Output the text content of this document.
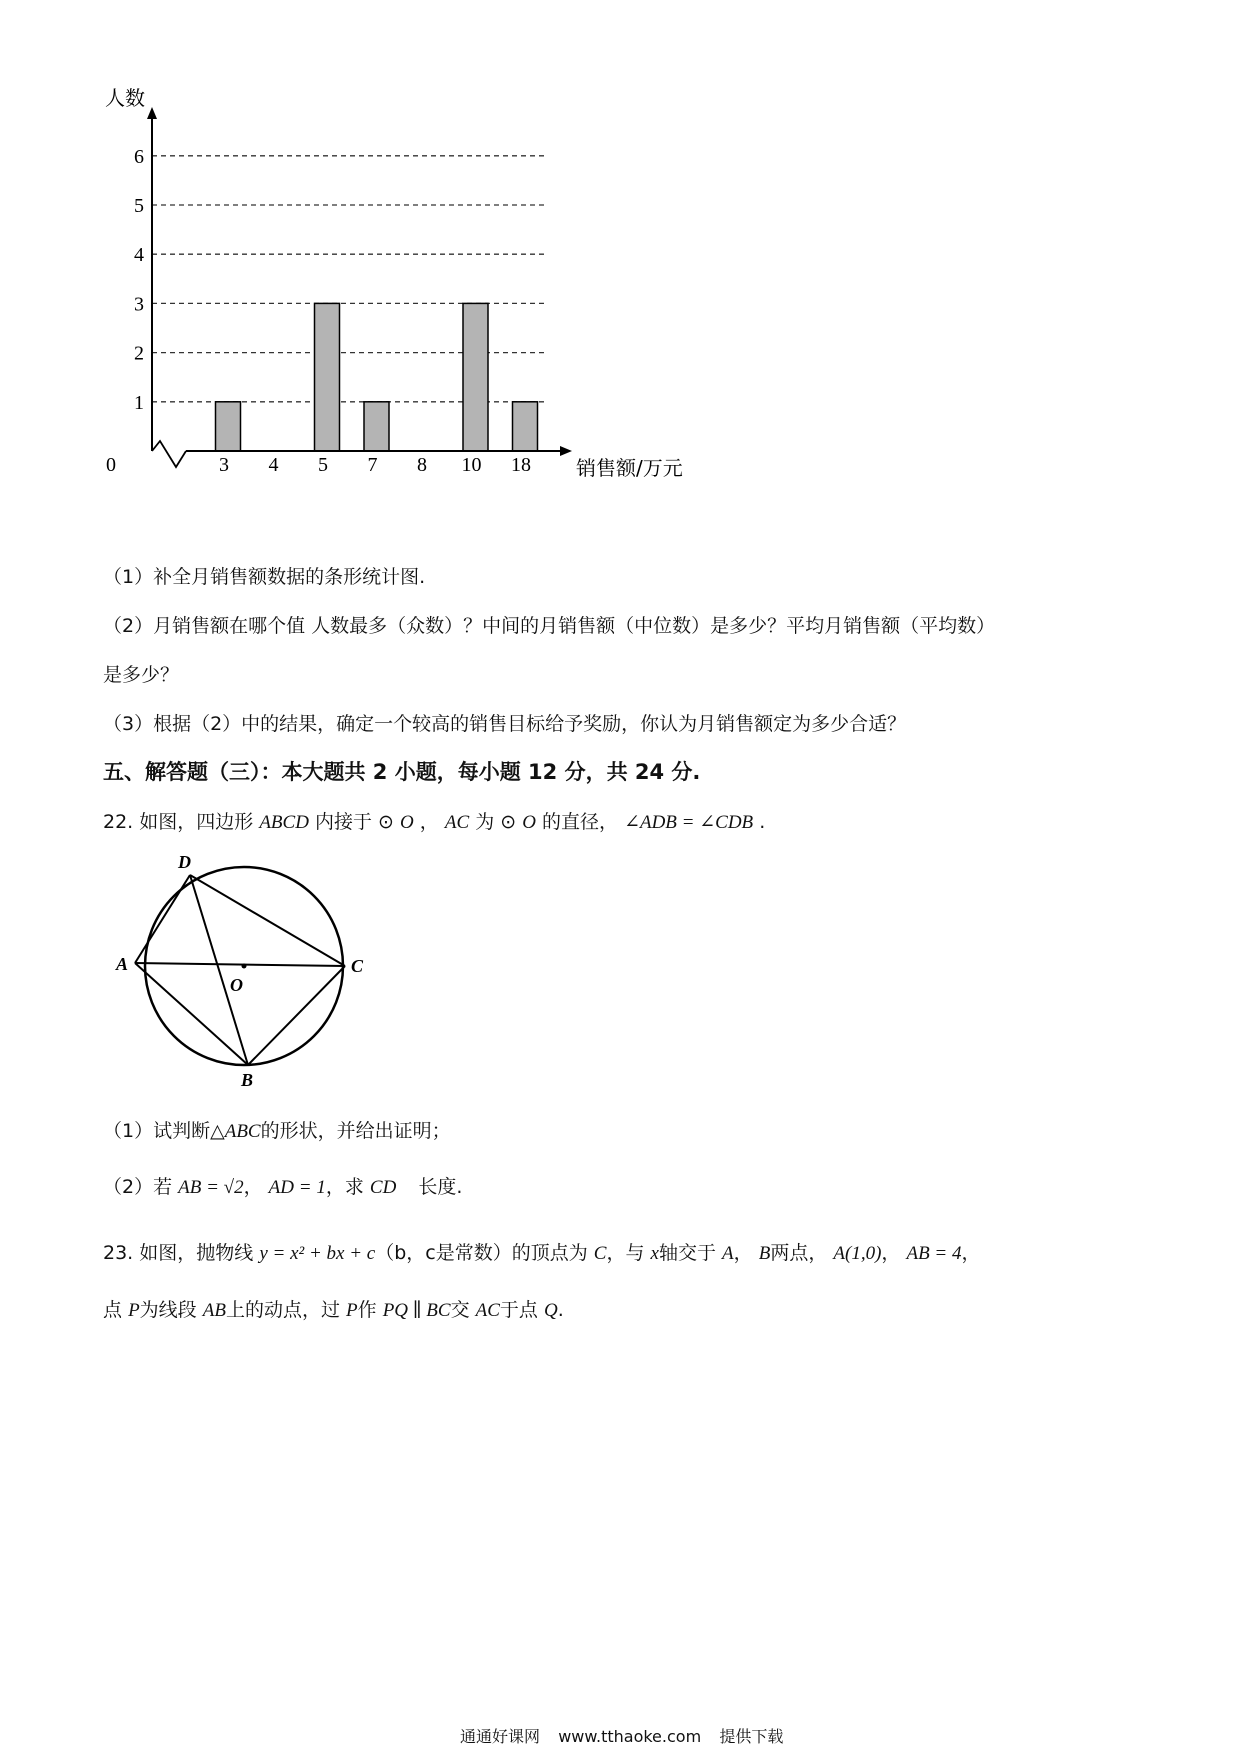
1
2
3
4
5
6
3 4 5 7 8 10 18
人数
销售额/万元
0
（1）补全月销售额数据的条形统计图.
（2）月销售额在哪个值 人数最多（众数）？中间的月销售额（中位数）是多少？平均月销售额（平均数）
是多少？
（3）根据（2）中的结果，确定一个较高的销售目标给予奖励，你认为月销售额定为多少合适？
五、解答题（三）：本大题共 2 小题，每小题 12 分，共 24 分.
22. 如图，四边形 ABCD 内接于 ⊙ O ， AC 为 ⊙ O 的直径， ∠ADB = ∠CDB .
D
A
O
C
B
（1）试判断△ABC的形状，并给出证明；
（2）若 AB = √2， AD = 1，求 CD 长度.
23. 如图，抛物线 y = x² + bx + c（b，c是常数）的顶点为 C，与 x轴交于 A， B两点， A(1,0)， AB = 4，
点 P为线段 AB上的动点，过 P作 PQ ∥ BC交 AC于点 Q.
通通好课网 www.tthaoke.com 提供下载
